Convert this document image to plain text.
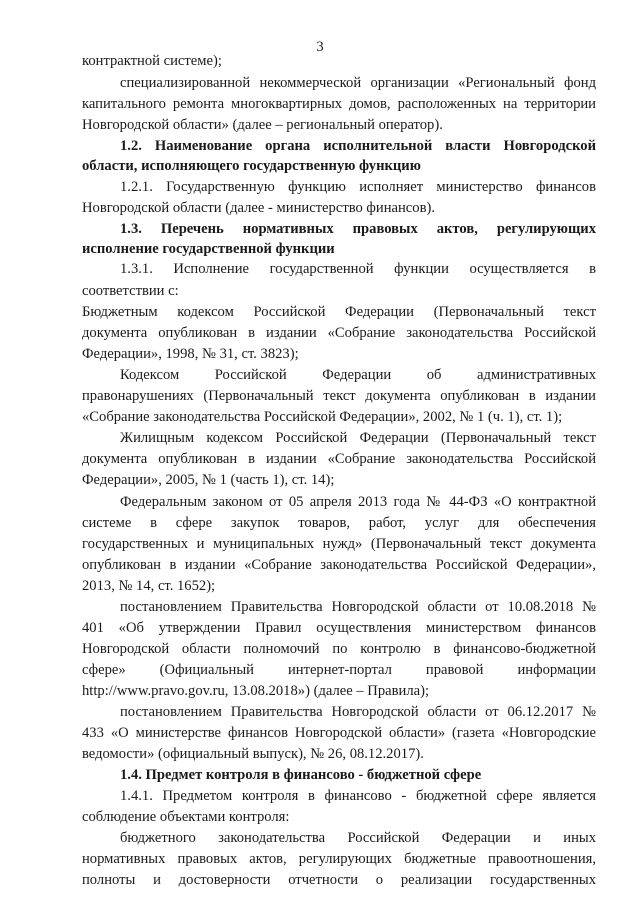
3
контрактной системе);
специализированной некоммерческой организации «Региональный фонд
капитального ремонта многоквартирных домов, расположенных на территории
Новгородской области» (далее – региональный оператор).
1.2. Наименование органа исполнительной власти Новгородской
области, исполняющего государственную функцию
1.2.1. Государственную функцию исполняет министерство финансов
Новгородской области (далее - министерство финансов).
1.3. Перечень нормативных правовых актов, регулирующих
исполнение государственной функции
1.3.1. Исполнение государственной функции осуществляется в
соответствии с:
Бюджетным кодексом Российской Федерации (Первоначальный текст
документа опубликован в издании «Собрание законодательства Российской
Федерации», 1998, № 31, ст. 3823);
Кодексом Российской Федерации об административных
правонарушениях (Первоначальный текст документа опубликован в издании
«Собрание законодательства Российской Федерации», 2002, № 1 (ч. 1), ст. 1);
Жилищным кодексом Российской Федерации (Первоначальный текст
документа опубликован в издании «Собрание законодательства Российской
Федерации», 2005, № 1 (часть 1), ст. 14);
Федеральным законом от 05 апреля 2013 года № 44-ФЗ «О контрактной
системе в сфере закупок товаров, работ, услуг для обеспечения
государственных и муниципальных нужд» (Первоначальный текст документа
опубликован в издании «Собрание законодательства Российской Федерации»,
2013, № 14, ст. 1652);
постановлением Правительства Новгородской области от 10.08.2018 №
401 «Об утверждении Правил осуществления министерством финансов
Новгородской области полномочий по контролю в финансово-бюджетной
сфере» (Официальный интернет-портал правовой информации
http://www.pravo.gov.ru, 13.08.2018») (далее – Правила);
постановлением Правительства Новгородской области от 06.12.2017 №
433 «О министерстве финансов Новгородской области» (газета «Новгородские
ведомости» (официальный выпуск), № 26, 08.12.2017).
1.4. Предмет контроля в финансово - бюджетной сфере
1.4.1. Предметом контроля в финансово - бюджетной сфере является
соблюдение объектами контроля:
бюджетного законодательства Российской Федерации и иных
нормативных правовых актов, регулирующих бюджетные правоотношения,
полноты и достоверности отчетности о реализации государственных
